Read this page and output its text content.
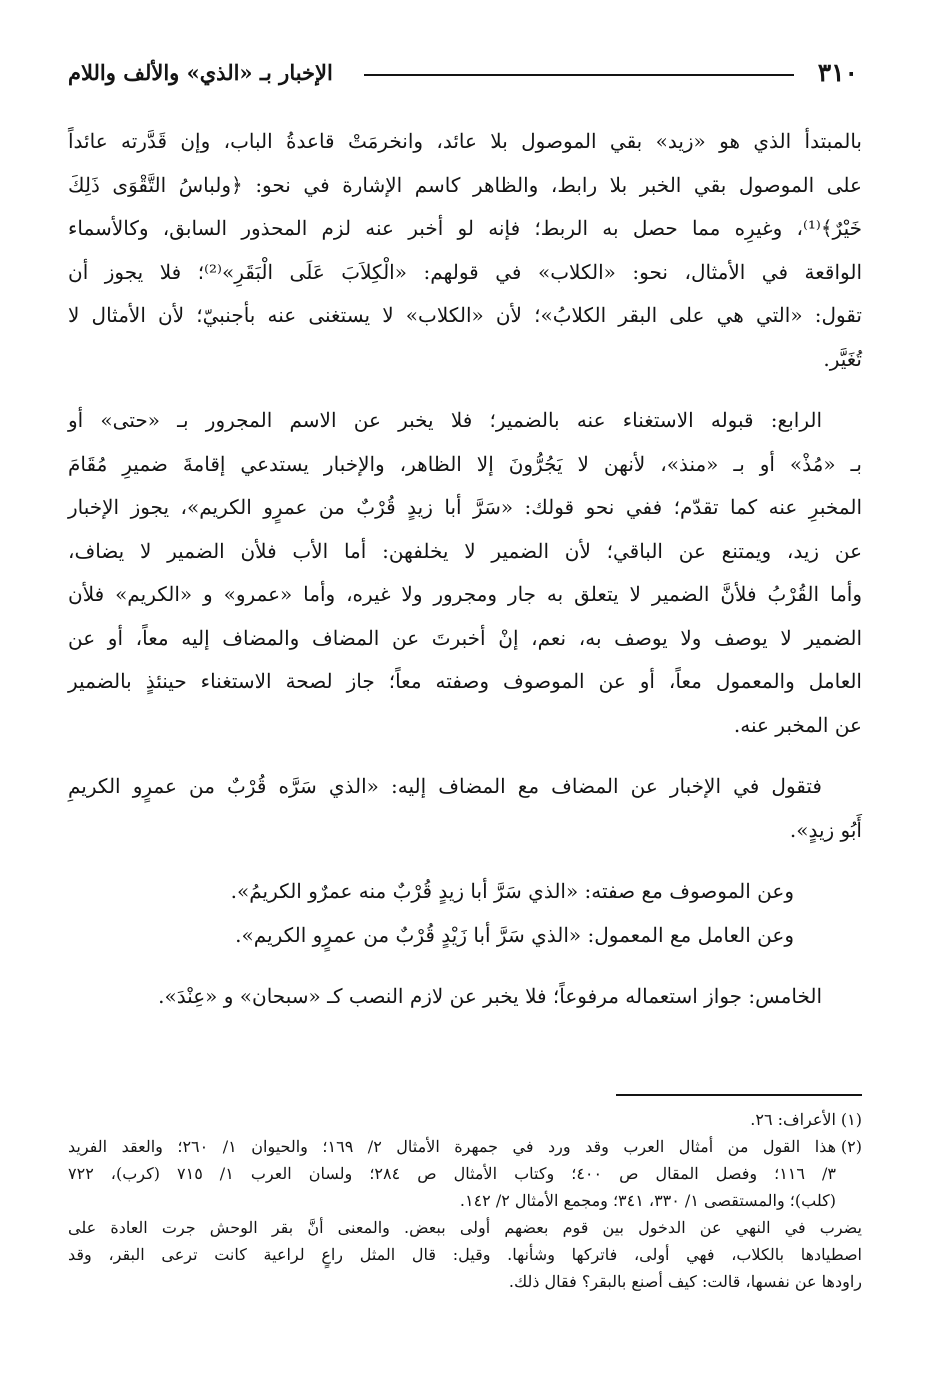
٣١٠
الإخبار بـ «الذي» والألف واللام

بالمبتدأ الذي هو «زيد» بقي الموصول بلا عائد، وانخرمَتْ قاعدةُ الباب، وإن قَدَّرته عائداً
على الموصول بقي الخبر بلا رابط، والظاهر كاسم الإشارة في نحو: ﴿ولباسُ التَّقْوَى ذَلِكَ
خَيْرٌ﴾⁽¹⁾، وغيرِه مما حصل به الربط؛ فإنه لو أخبر عنه لزم المحذور السابق، وكالأسماء
الواقعة في الأمثال، نحو: «الكلاب» في قولهم: «الْكِلاَبَ عَلَى الْبَقَرِ»⁽²⁾؛ فلا يجوز أن
تقول: «التي هي على البقر الكلابُ»؛ لأن «الكلاب» لا يستغنى عنه بأجنبيّ؛ لأن الأمثال لا
تُغَيَّر.

الرابع: قبوله الاستغناء عنه بالضمير؛ فلا يخبر عن الاسم المجرور بـ «حتى» أو
بـ «مُذْ» أو بـ «منذ»، لأنهن لا يَجُرُّونَ إلا الظاهر، والإخبار يستدعي إقامةَ ضميرِ مُقَامَ
المخبرِ عنه كما تقدّم؛ ففي نحو قولك: «سَرَّ أبا زيدٍ قُرْبٌ من عمرٍو الكريم»، يجوز الإخبار
عن زيد، ويمتنع عن الباقي؛ لأن الضمير لا يخلفهن: أما الأب فلأن الضمير لا يضاف،
وأما القُرْبُ فلأنَّ الضمير لا يتعلق به جار ومجرور ولا غيره، وأما «عمرو» و «الكريم» فلأن
الضمير لا يوصف ولا يوصف به، نعم، إنْ أخبرتَ عن المضاف والمضاف إليه معاً، أو عن
العامل والمعمول معاً، أو عن الموصوف وصفته معاً؛ جاز لصحة الاستغناء حينئذٍ بالضمير
عن المخبر عنه.

فتقول في الإخبار عن المضاف مع المضاف إليه: «الذي سَرَّه قُرْبٌ من عمرٍو الكريمِ
أَبُو زيدٍ».

وعن الموصوف مع صفته: «الذي سَرَّ أبا زيدٍ قُرْبٌ منه عمرٌو الكريمُ».

وعن العامل مع المعمول: «الذي سَرَّ أبا زَيْدٍ قُرْبٌ من عمرٍو الكريم».

الخامس: جواز استعماله مرفوعاً؛ فلا يخبر عن لازم النصب كـ «سبحان» و «عِنْدَ».

(١)
الأعراف: ٢٦.
(٢)
هذا القول من أمثال العرب وقد ورد في جمهرة الأمثال ٢/ ١٦٩؛ والحيوان ١/ ٢٦٠؛ والعقد الفريد
٣/ ١١٦؛ وفصل المقال ص ٤٠٠؛ وكتاب الأمثال ص ٢٨٤؛ ولسان العرب ١/ ٧١٥ (كرب)، ٧٢٢
(كلب)؛ والمستقصى ١/ ٣٣٠، ٣٤١؛ ومجمع الأمثال ٢/ ١٤٢.
يضرب في النهي عن الدخول بين قوم بعضهم أولى ببعض. والمعنى أنَّ بقر الوحش جرت العادة على
اصطيادها بالكلاب، فهي أولى، فاتركها وشأنها. وقيل: قال المثل راعٍ لراعية كانت ترعى البقر، وقد
راودها عن نفسها، قالت: كيف أصنع بالبقر؟ فقال ذلك.
